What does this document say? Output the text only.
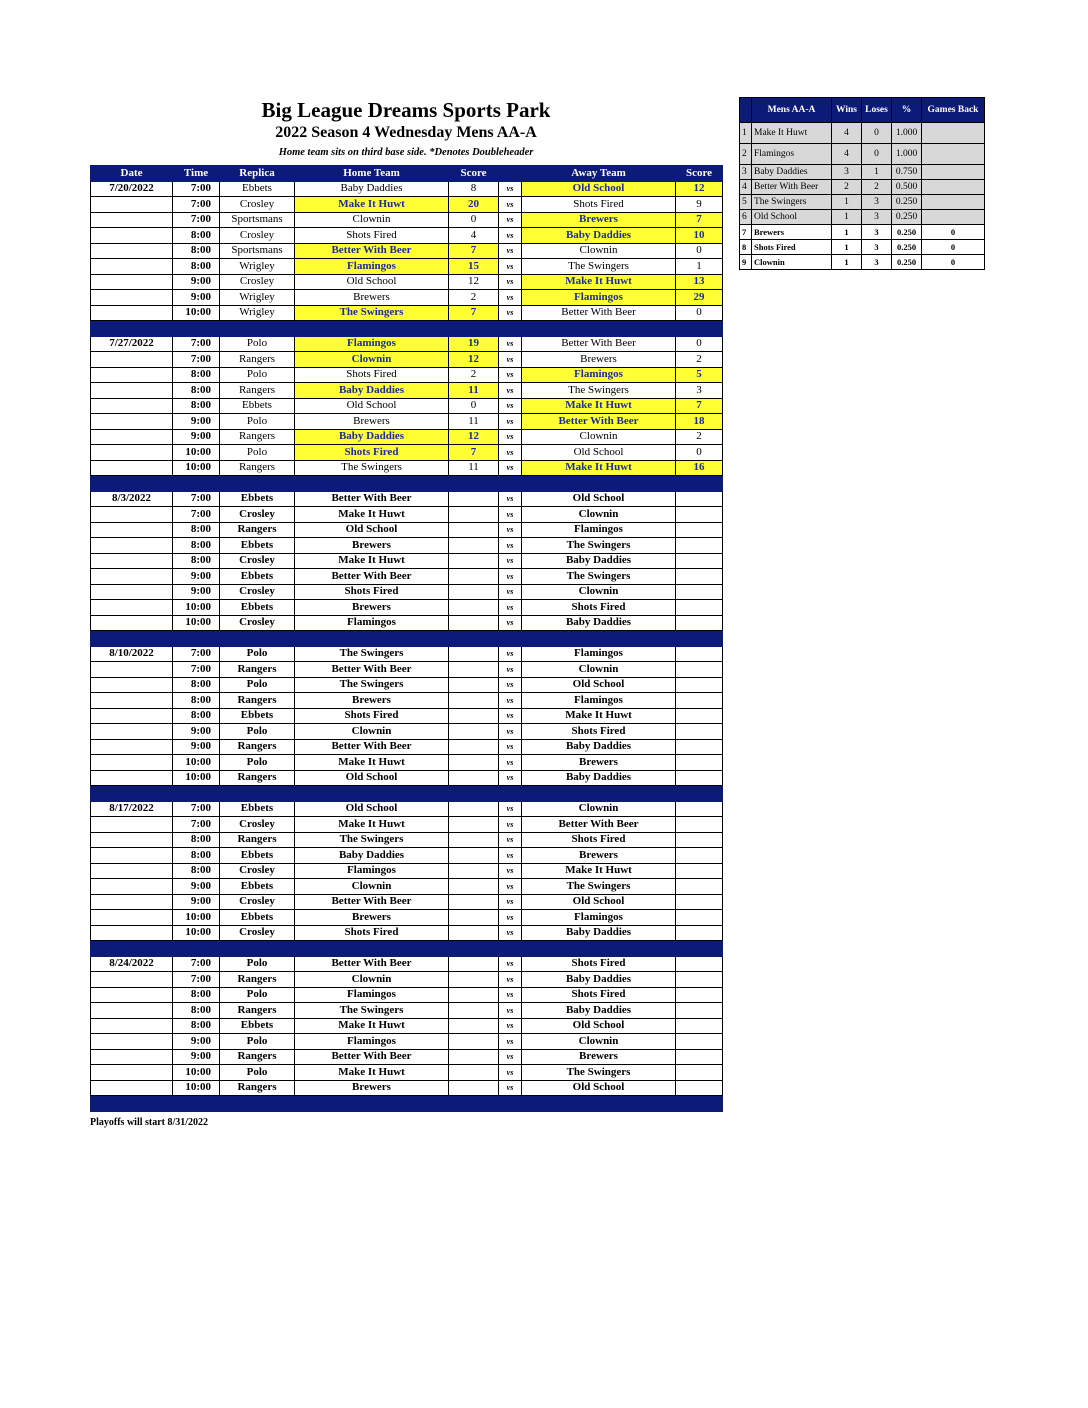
Big League Dreams Sports Park
2022 Season 4 Wednesday Mens AA-A
Home team sits on third base side. *Denotes Doubleheader
Date	Time	Replica	Home Team	Score		Away Team	Score
7/20/2022	7:00	Ebbets	Baby Daddies	8	vs	Old School	12
	7:00	Crosley	Make It Huwt	20	vs	Shots Fired	9
	7:00	Sportsmans	Clownin	0	vs	Brewers	7
	8:00	Crosley	Shots Fired	4	vs	Baby Daddies	10
	8:00	Sportsmans	Better With Beer	7	vs	Clownin	0
	8:00	Wrigley	Flamingos	15	vs	The Swingers	1
	9:00	Crosley	Old School	12	vs	Make It Huwt	13
	9:00	Wrigley	Brewers	2	vs	Flamingos	29
	10:00	Wrigley	The Swingers	7	vs	Better With Beer	0

7/27/2022	7:00	Polo	Flamingos	19	vs	Better With Beer	0
	7:00	Rangers	Clownin	12	vs	Brewers	2
	8:00	Polo	Shots Fired	2	vs	Flamingos	5
	8:00	Rangers	Baby Daddies	11	vs	The Swingers	3
	8:00	Ebbets	Old School	0	vs	Make It Huwt	7
	9:00	Polo	Brewers	11	vs	Better With Beer	18
	9:00	Rangers	Baby Daddies	12	vs	Clownin	2
	10:00	Polo	Shots Fired	7	vs	Old School	0
	10:00	Rangers	The Swingers	11	vs	Make It Huwt	16

8/3/2022	7:00	Ebbets	Better With Beer		vs	Old School	
	7:00	Crosley	Make It Huwt		vs	Clownin	
	8:00	Rangers	Old School		vs	Flamingos	
	8:00	Ebbets	Brewers		vs	The Swingers	
	8:00	Crosley	Make It Huwt		vs	Baby Daddies	
	9:00	Ebbets	Better With Beer		vs	The Swingers	
	9:00	Crosley	Shots Fired		vs	Clownin	
	10:00	Ebbets	Brewers		vs	Shots Fired	
	10:00	Crosley	Flamingos		vs	Baby Daddies	

8/10/2022	7:00	Polo	The Swingers		vs	Flamingos	
	7:00	Rangers	Better With Beer		vs	Clownin	
	8:00	Polo	The Swingers		vs	Old School	
	8:00	Rangers	Brewers		vs	Flamingos	
	8:00	Ebbets	Shots Fired		vs	Make It Huwt	
	9:00	Polo	Clownin		vs	Shots Fired	
	9:00	Rangers	Better With Beer		vs	Baby Daddies	
	10:00	Polo	Make It Huwt		vs	Brewers	
	10:00	Rangers	Old School		vs	Baby Daddies	

8/17/2022	7:00	Ebbets	Old School		vs	Clownin	
	7:00	Crosley	Make It Huwt		vs	Better With Beer	
	8:00	Rangers	The Swingers		vs	Shots Fired	
	8:00	Ebbets	Baby Daddies		vs	Brewers	
	8:00	Crosley	Flamingos		vs	Make It Huwt	
	9:00	Ebbets	Clownin		vs	The Swingers	
	9:00	Crosley	Better With Beer		vs	Old School	
	10:00	Ebbets	Brewers		vs	Flamingos	
	10:00	Crosley	Shots Fired		vs	Baby Daddies	

8/24/2022	7:00	Polo	Better With Beer		vs	Shots Fired	
	7:00	Rangers	Clownin		vs	Baby Daddies	
	8:00	Polo	Flamingos		vs	Shots Fired	
	8:00	Rangers	The Swingers		vs	Baby Daddies	
	8:00	Ebbets	Make It Huwt		vs	Old School	
	9:00	Polo	Flamingos		vs	Clownin	
	9:00	Rangers	Better With Beer		vs	Brewers	
	10:00	Polo	Make It Huwt		vs	The Swingers	
	10:00	Rangers	Brewers		vs	Old School	

	Mens AA-A	Wins	Loses	%	Games Back
1	Make It Huwt	4	0	1.000	
2	Flamingos	4	0	1.000	
3	Baby Daddies	3	1	0.750	
4	Better With Beer	2	2	0.500	
5	The Swingers	1	3	0.250	
6	Old School	1	3	0.250	
7	Brewers	1	3	0.250	0
8	Shots Fired	1	3	0.250	0
9	Clownin	1	3	0.250	0
Playoffs will start 8/31/2022
